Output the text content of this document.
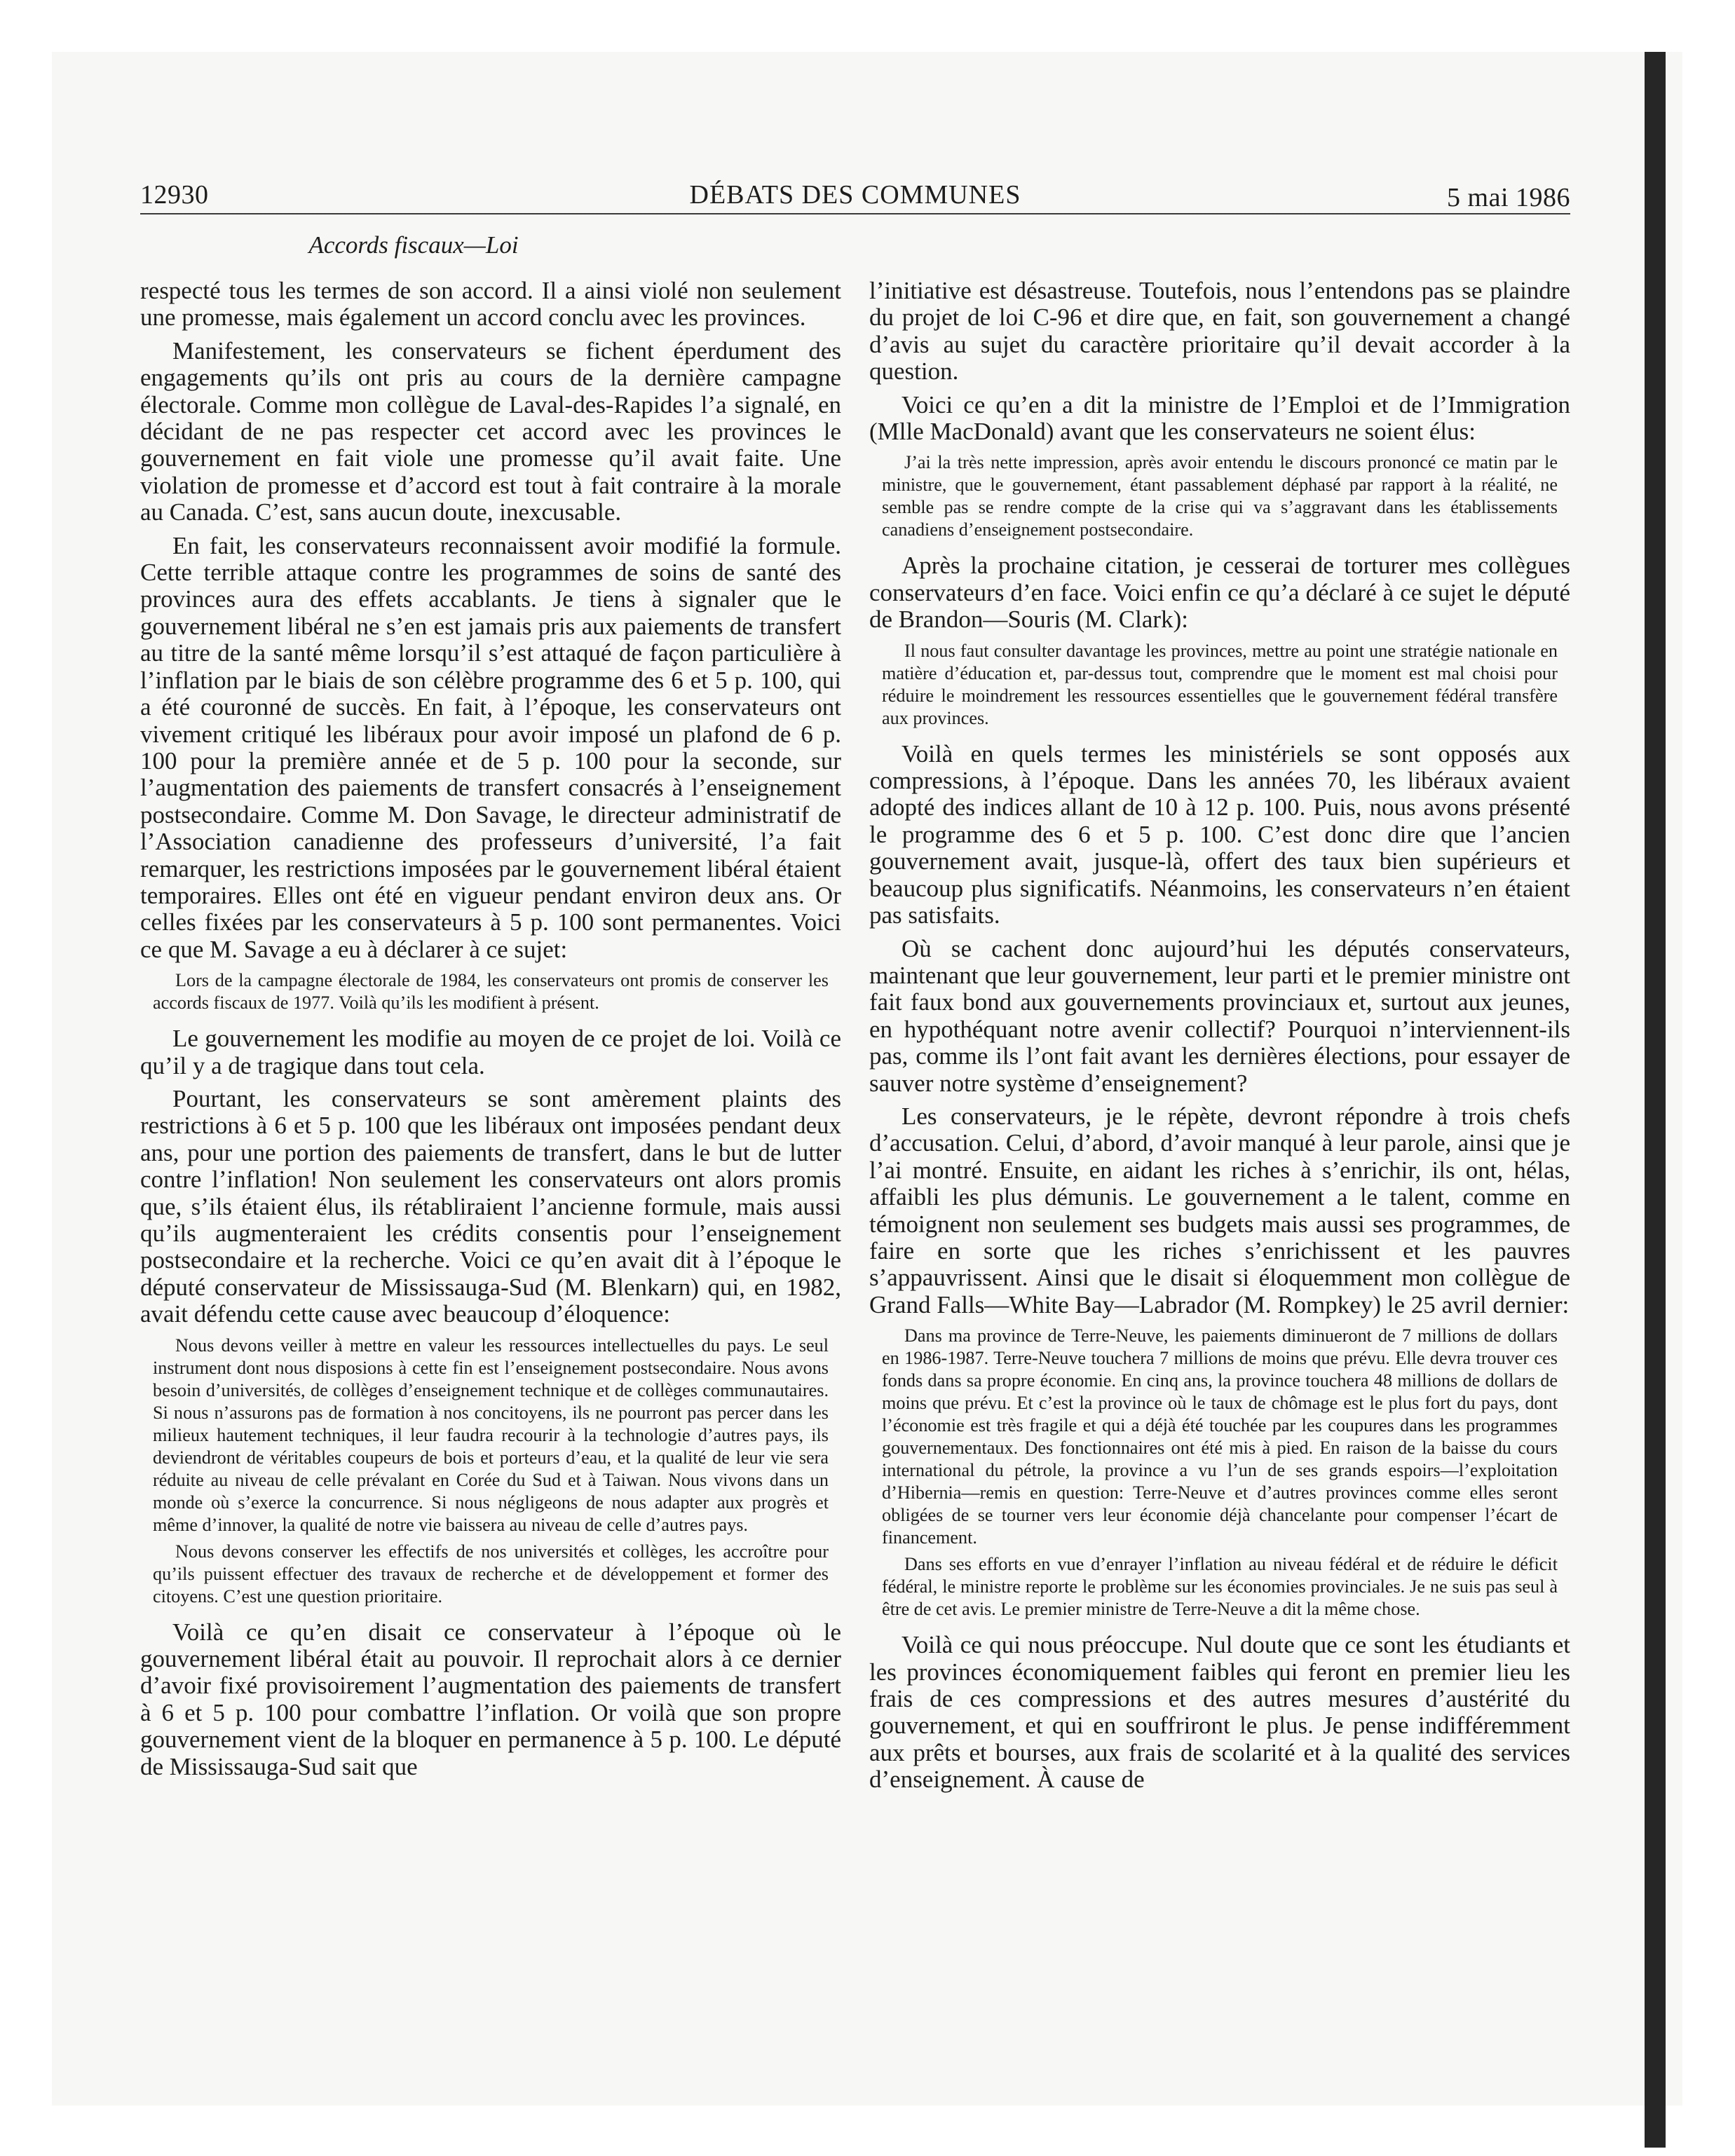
12930	DÉBATS DES COMMUNES	5 mai 1986
Accords fiscaux—Loi

respecté tous les termes de son accord. Il a ainsi violé non seulement une promesse, mais également un accord conclu avec les provinces.

Manifestement, les conservateurs se fichent éperdument des engagements qu’ils ont pris au cours de la dernière campagne électorale. Comme mon collègue de Laval-des-Rapides l’a signalé, en décidant de ne pas respecter cet accord avec les provinces le gouvernement en fait viole une promesse qu’il avait faite. Une violation de promesse et d’accord est tout à fait contraire à la morale au Canada. C’est, sans aucun doute, inexcusable.

En fait, les conservateurs reconnaissent avoir modifié la formule. Cette terrible attaque contre les programmes de soins de santé des provinces aura des effets accablants. Je tiens à signaler que le gouvernement libéral ne s’en est jamais pris aux paiements de transfert au titre de la santé même lorsqu’il s’est attaqué de façon particulière à l’inflation par le biais de son célèbre programme des 6 et 5 p. 100, qui a été couronné de succès. En fait, à l’époque, les conservateurs ont vivement critiqué les libéraux pour avoir imposé un plafond de 6 p. 100 pour la première année et de 5 p. 100 pour la seconde, sur l’augmentation des paiements de transfert consacrés à l’enseignement postsecondaire. Comme M. Don Savage, le directeur administratif de l’Association canadienne des professeurs d’université, l’a fait remarquer, les restrictions imposées par le gouvernement libéral étaient temporaires. Elles ont été en vigueur pendant environ deux ans. Or celles fixées par les conservateurs à 5 p. 100 sont permanentes. Voici ce que M. Savage a eu à déclarer à ce sujet:

Lors de la campagne électorale de 1984, les conservateurs ont promis de conserver les accords fiscaux de 1977. Voilà qu’ils les modifient à présent.

Le gouvernement les modifie au moyen de ce projet de loi. Voilà ce qu’il y a de tragique dans tout cela.

Pourtant, les conservateurs se sont amèrement plaints des restrictions à 6 et 5 p. 100 que les libéraux ont imposées pendant deux ans, pour une portion des paiements de transfert, dans le but de lutter contre l’inflation! Non seulement les conservateurs ont alors promis que, s’ils étaient élus, ils rétabliraient l’ancienne formule, mais aussi qu’ils augmenteraient les crédits consentis pour l’enseignement postsecondaire et la recherche. Voici ce qu’en avait dit à l’époque le député conservateur de Mississauga-Sud (M. Blenkarn) qui, en 1982, avait défendu cette cause avec beaucoup d’éloquence:

Nous devons veiller à mettre en valeur les ressources intellectuelles du pays. Le seul instrument dont nous disposions à cette fin est l’enseignement postsecondaire. Nous avons besoin d’universités, de collèges d’enseignement technique et de collèges communautaires. Si nous n’assurons pas de formation à nos concitoyens, ils ne pourront pas percer dans les milieux hautement techniques, il leur faudra recourir à la technologie d’autres pays, ils deviendront de véritables coupeurs de bois et porteurs d’eau, et la qualité de leur vie sera réduite au niveau de celle prévalant en Corée du Sud et à Taiwan. Nous vivons dans un monde où s’exerce la concurrence. Si nous négligeons de nous adapter aux progrès et même d’innover, la qualité de notre vie baissera au niveau de celle d’autres pays.

Nous devons conserver les effectifs de nos universités et collèges, les accroître pour qu’ils puissent effectuer des travaux de recherche et de développement et former des citoyens. C’est une question prioritaire.

Voilà ce qu’en disait ce conservateur à l’époque où le gouvernement libéral était au pouvoir. Il reprochait alors à ce dernier d’avoir fixé provisoirement l’augmentation des paiements de transfert à 6 et 5 p. 100 pour combattre l’inflation. Or voilà que son propre gouvernement vient de la bloquer en permanence à 5 p. 100. Le député de Mississauga-Sud sait que

l’initiative est désastreuse. Toutefois, nous l’entendons pas se plaindre du projet de loi C-96 et dire que, en fait, son gouvernement a changé d’avis au sujet du caractère prioritaire qu’il devait accorder à la question.

Voici ce qu’en a dit la ministre de l’Emploi et de l’Immigration (Mlle MacDonald) avant que les conservateurs ne soient élus:

J’ai la très nette impression, après avoir entendu le discours prononcé ce matin par le ministre, que le gouvernement, étant passablement déphasé par rapport à la réalité, ne semble pas se rendre compte de la crise qui va s’aggravant dans les établissements canadiens d’enseignement postsecondaire.

Après la prochaine citation, je cesserai de torturer mes collègues conservateurs d’en face. Voici enfin ce qu’a déclaré à ce sujet le député de Brandon—Souris (M. Clark):

Il nous faut consulter davantage les provinces, mettre au point une stratégie nationale en matière d’éducation et, par-dessus tout, comprendre que le moment est mal choisi pour réduire le moindrement les ressources essentielles que le gouvernement fédéral transfère aux provinces.

Voilà en quels termes les ministériels se sont opposés aux compressions, à l’époque. Dans les années 70, les libéraux avaient adopté des indices allant de 10 à 12 p. 100. Puis, nous avons présenté le programme des 6 et 5 p. 100. C’est donc dire que l’ancien gouvernement avait, jusque-là, offert des taux bien supérieurs et beaucoup plus significatifs. Néanmoins, les conservateurs n’en étaient pas satisfaits.

Où se cachent donc aujourd’hui les députés conservateurs, maintenant que leur gouvernement, leur parti et le premier ministre ont fait faux bond aux gouvernements provinciaux et, surtout aux jeunes, en hypothéquant notre avenir collectif? Pourquoi n’interviennent-ils pas, comme ils l’ont fait avant les dernières élections, pour essayer de sauver notre système d’enseignement?

Les conservateurs, je le répète, devront répondre à trois chefs d’accusation. Celui, d’abord, d’avoir manqué à leur parole, ainsi que je l’ai montré. Ensuite, en aidant les riches à s’enrichir, ils ont, hélas, affaibli les plus démunis. Le gouvernement a le talent, comme en témoignent non seulement ses budgets mais aussi ses programmes, de faire en sorte que les riches s’enrichissent et les pauvres s’appauvrissent. Ainsi que le disait si éloquemment mon collègue de Grand Falls—White Bay—Labrador (M. Rompkey) le 25 avril dernier:

Dans ma province de Terre-Neuve, les paiements diminueront de 7 millions de dollars en 1986-1987. Terre-Neuve touchera 7 millions de moins que prévu. Elle devra trouver ces fonds dans sa propre économie. En cinq ans, la province touchera 48 millions de dollars de moins que prévu. Et c’est la province où le taux de chômage est le plus fort du pays, dont l’économie est très fragile et qui a déjà été touchée par les coupures dans les programmes gouvernementaux. Des fonctionnaires ont été mis à pied. En raison de la baisse du cours international du pétrole, la province a vu l’un de ses grands espoirs—l’exploitation d’Hibernia—remis en question: Terre-Neuve et d’autres provinces comme elles seront obligées de se tourner vers leur économie déjà chancelante pour compenser l’écart de financement.

Dans ses efforts en vue d’enrayer l’inflation au niveau fédéral et de réduire le déficit fédéral, le ministre reporte le problème sur les économies provinciales. Je ne suis pas seul à être de cet avis. Le premier ministre de Terre-Neuve a dit la même chose.

Voilà ce qui nous préoccupe. Nul doute que ce sont les étudiants et les provinces économiquement faibles qui feront en premier lieu les frais de ces compressions et des autres mesures d’austérité du gouvernement, et qui en souffriront le plus. Je pense indifféremment aux prêts et bourses, aux frais de scolarité et à la qualité des services d’enseignement. À cause de
